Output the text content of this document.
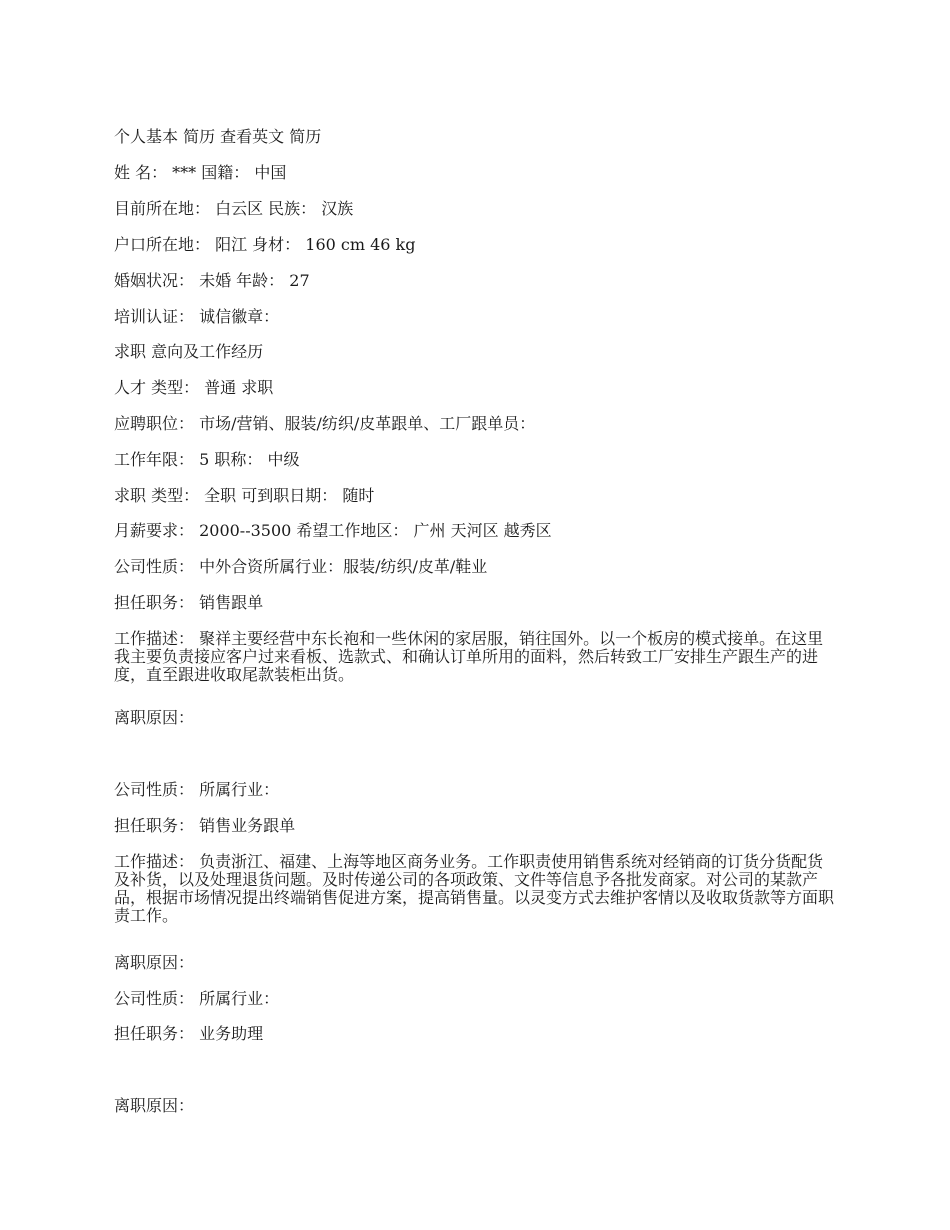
个人基本 简历 查看英文 简历
姓 名： *** 国籍： 中国
目前所在地： 白云区 民族： 汉族
户口所在地： 阳江 身材： 160 cm 46 kg
婚姻状况： 未婚 年龄： 27
培训认证： 诚信徽章：
求职 意向及工作经历
人才 类型： 普通 求职
应聘职位： 市场/营销、服装/纺织/皮革跟单、工厂跟单员：
工作年限： 5 职称： 中级
求职 类型： 全职 可到职日期： 随时
月薪要求： 2000--3500 希望工作地区： 广州 天河区 越秀区
公司性质： 中外合资所属行业：服装/纺织/皮革/鞋业
担任职务： 销售跟单
工作描述： 聚祥主要经营中东长袍和一些休闲的家居服，销往国外。以一个板房的模式接单。在这里我主要负责接应客户过来看板、选款式、和确认订单所用的面料，然后转致工厂安排生产跟生产的进度，直至跟进收取尾款装柜出货。
离职原因：
公司性质： 所属行业：
担任职务： 销售业务跟单
工作描述： 负责浙江、福建、上海等地区商务业务。工作职责使用销售系统对经销商的订货分货配货及补货，以及处理退货问题。及时传递公司的各项政策、文件等信息予各批发商家。对公司的某款产品，根据市场情况提出终端销售促进方案，提高销售量。以灵变方式去维护客情以及收取货款等方面职责工作。
离职原因：
公司性质： 所属行业：
担任职务： 业务助理
离职原因：
